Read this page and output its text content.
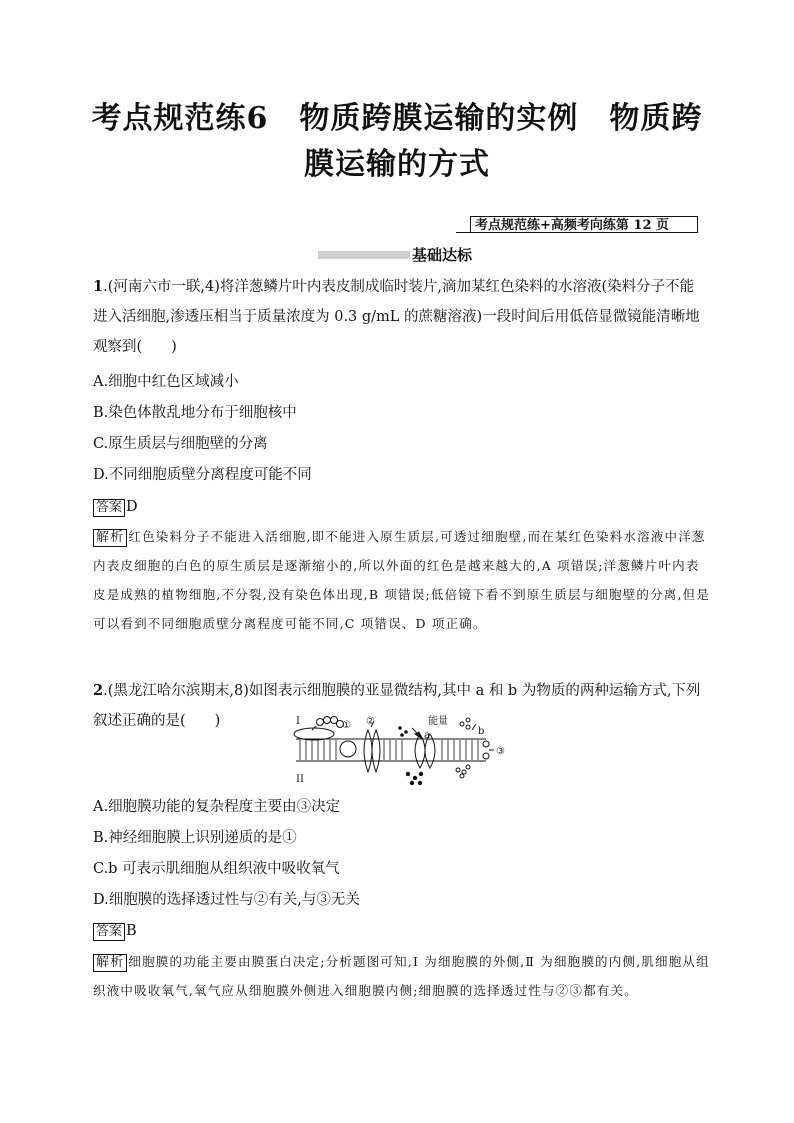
考点规范练6　物质跨膜运输的实例　物质跨
膜运输的方式
考点规范练+高频考向练第 12 页
基础达标
1.(河南六市一联,4)将洋葱鳞片叶内表皮制成临时装片,滴加某红色染料的水溶液(染料分子不能进入活细胞,渗透压相当于质量浓度为 0.3 g/mL 的蔗糖溶液)一段时间后用低倍显微镜能清晰地观察到(　　)
A.细胞中红色区域减小
B.染色体散乱地分布于细胞核中
C.原生质层与细胞壁的分离
D.不同细胞质壁分离程度可能不同
答案 D
解析 红色染料分子不能进入活细胞,即不能进入原生质层,可透过细胞壁,而在某红色染料水溶液中洋葱内表皮细胞的白色的原生质层是逐渐缩小的,所以外面的红色是越来越大的,A 项错误;洋葱鳞片叶内表皮是成熟的植物细胞,不分裂,没有染色体出现,B 项错误;低倍镜下看不到原生质层与细胞壁的分离,但是可以看到不同细胞质壁分离程度可能不同,C 项错误、D 项正确。
2.(黑龙江哈尔滨期末,8)如图表示细胞膜的亚显微结构,其中 a 和 b 为物质的两种运输方式,下列叙述正确的是(　　)	I
II
① ②	能量
a	b
③
A.细胞膜功能的复杂程度主要由③决定
B.神经细胞膜上识别递质的是①
C.b 可表示肌细胞从组织液中吸收氧气
D.细胞膜的选择透过性与②有关,与③无关
答案 B
解析 细胞膜的功能主要由膜蛋白决定;分析题图可知,Ⅰ 为细胞膜的外侧,Ⅱ 为细胞膜的内侧,肌细胞从组织液中吸收氧气,氧气应从细胞膜外侧进入细胞膜内侧;细胞膜的选择透过性与②③都有关。
